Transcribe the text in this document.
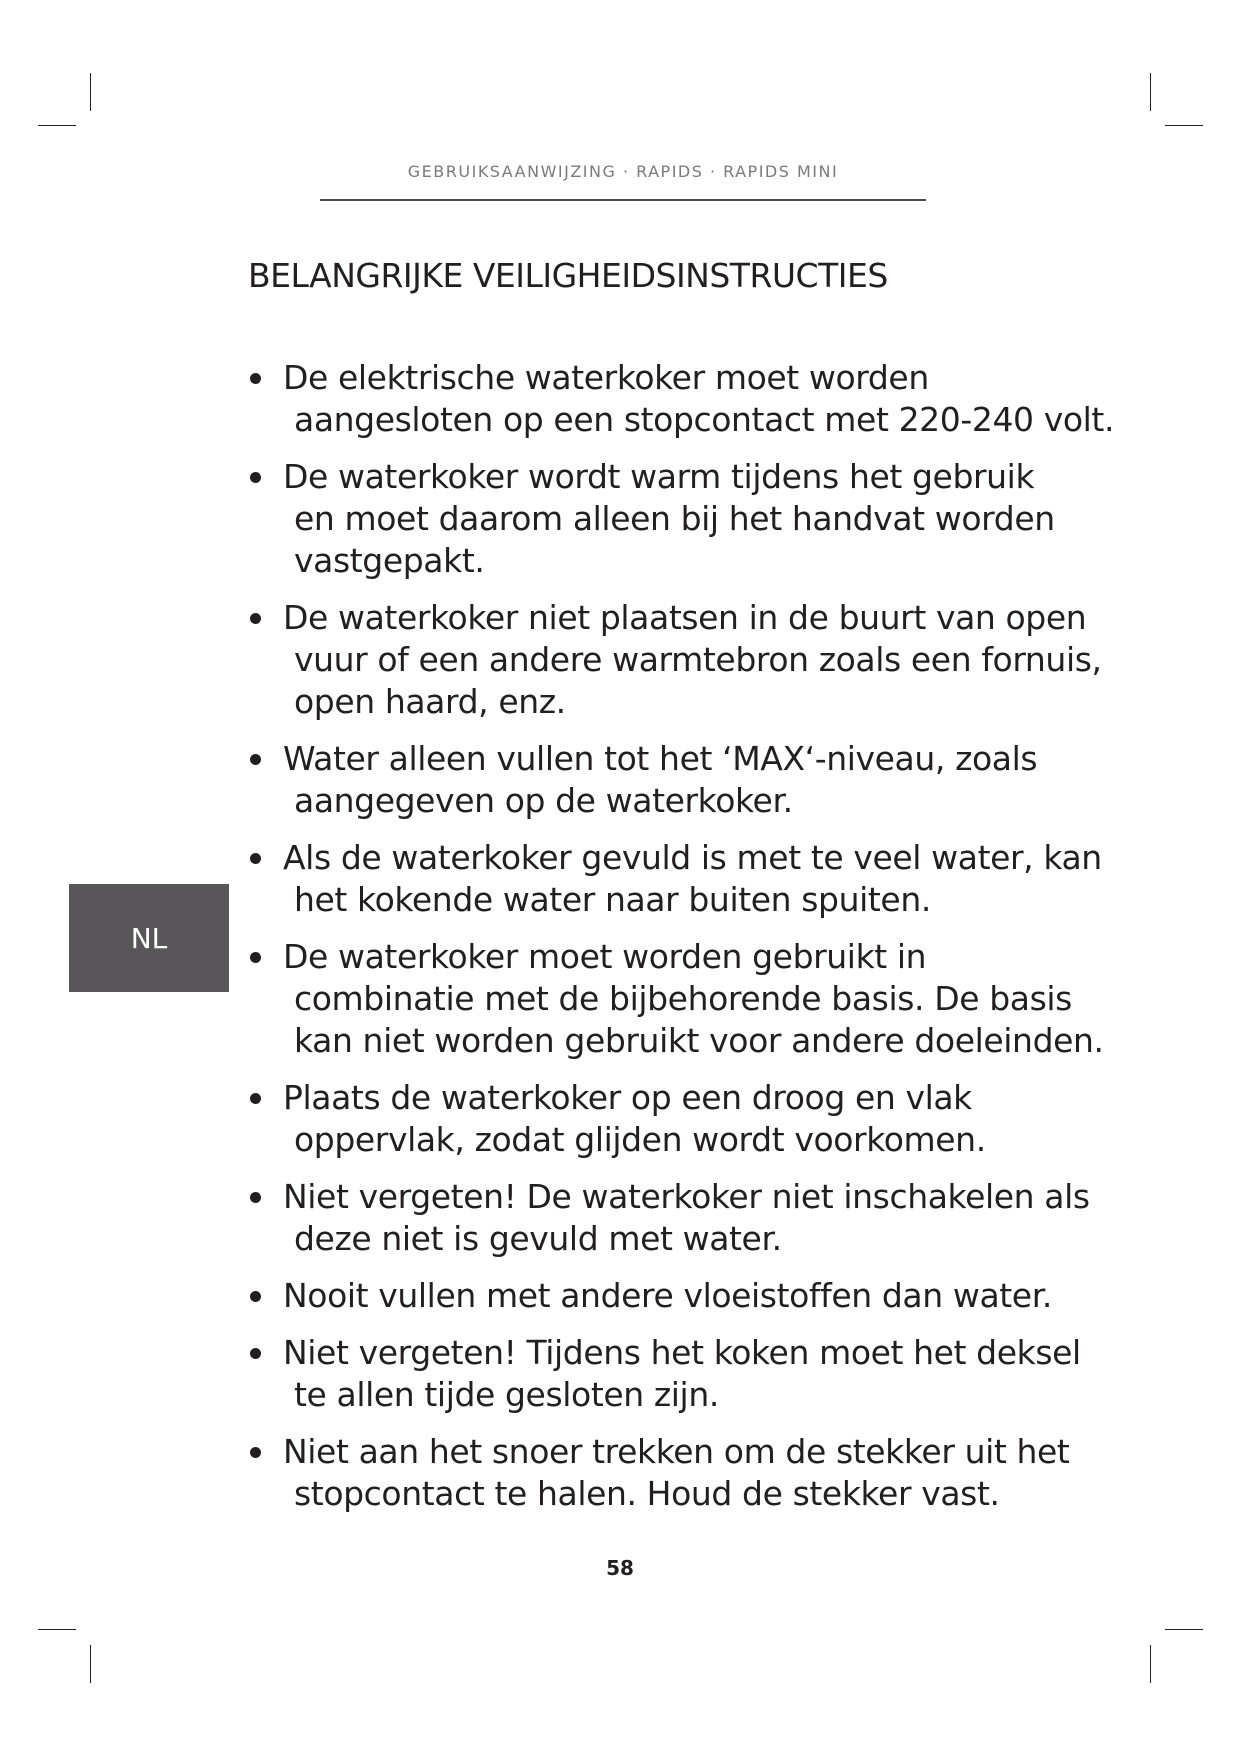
GEBRUIKSAANWIJZING · RAPIDS · RAPIDS MINI
BELANGRIJKE VEILIGHEIDSINSTRUCTIES
De elektrische waterkoker moet worden
aangesloten op een stopcontact met 220-240 volt.
De waterkoker wordt warm tijdens het gebruik
en moet daarom alleen bij het handvat worden
vastgepakt.
De waterkoker niet plaatsen in de buurt van open
vuur of een andere warmtebron zoals een fornuis,
open haard, enz.
Water alleen vullen tot het ‘MAX‘-niveau, zoals
aangegeven op de waterkoker.
Als de waterkoker gevuld is met te veel water, kan
het kokende water naar buiten spuiten.
De waterkoker moet worden gebruikt in
combinatie met de bijbehorende basis. De basis
kan niet worden gebruikt voor andere doeleinden.
Plaats de waterkoker op een droog en vlak
oppervlak, zodat glijden wordt voorkomen.
Niet vergeten! De waterkoker niet inschakelen als
deze niet is gevuld met water.
Nooit vullen met andere vloeistoffen dan water.
Niet vergeten! Tijdens het koken moet het deksel
te allen tijde gesloten zijn.
Niet aan het snoer trekken om de stekker uit het
stopcontact te halen. Houd de stekker vast.
NL
58
